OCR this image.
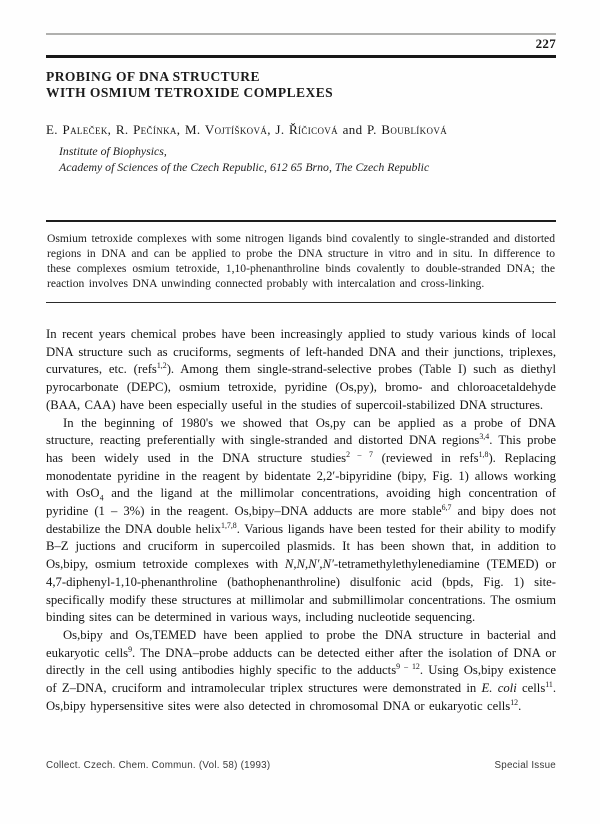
227
PROBING OF DNA STRUCTURE
WITH OSMIUM TETROXIDE COMPLEXES
E. Paleček, R. Pečínka, M. Vojtíšková, J. Říčicová and P. Boublíková
Institute of Biophysics,
Academy of Sciences of the Czech Republic, 612 65 Brno, The Czech Republic
Osmium tetroxide complexes with some nitrogen ligands bind covalently to single-stranded and distorted regions in DNA and can be applied to probe the DNA structure in vitro and in situ. In difference to these complexes osmium tetroxide, 1,10-phenanthroline binds covalently to double-stranded DNA; the reaction involves DNA unwinding connected probably with intercalation and cross-linking.

In recent years chemical probes have been increasingly applied to study various kinds of local DNA structure such as cruciforms, segments of left-handed DNA and their junctions, triplexes, curvatures, etc. (refs$^{1,2}$). Among them single-strand-selective probes (Table I) such as diethyl pyrocarbonate (DEPC), osmium tetroxide, pyridine (Os,py), bromo- and chloroacetaldehyde (BAA, CAA) have been especially useful in the studies of supercoil-stabilized DNA structures.

In the beginning of 1980's we showed that Os,py can be applied as a probe of DNA structure, reacting preferentially with single-stranded and distorted DNA regions$^{3,4}$. This probe has been widely used in the DNA structure studies$^{2 - 7}$ (reviewed in refs$^{1,8}$). Replacing monodentate pyridine in the reagent by bidentate 2,2′-bipyridine (bipy, Fig. 1) allows working with OsO$_4$ and the ligand at the millimolar concentrations, avoiding high concentration of pyridine (1 – 3%) in the reagent. Os,bipy–DNA adducts are more stable$^{6,7}$ and bipy does not destabilize the DNA double helix$^{1,7,8}$. Various ligands have been tested for their ability to modify B–Z juctions and cruciform in supercoiled plasmids. It has been shown that, in addition to Os,bipy, osmium tetroxide complexes with N,N,N′,N′-tetramethylethylenediamine (TEMED) or 4,7-diphenyl-1,10-phenanthroline (bathophenanthroline) disulfonic acid (bpds, Fig. 1) site-specifically modify these structures at millimolar and submillimolar concentrations. The osmium binding sites can be determined in various ways, including nucleotide sequencing.

Os,bipy and Os,TEMED have been applied to probe the DNA structure in bacterial and eukaryotic cells$^9$. The DNA–probe adducts can be detected either after the isolation of DNA or directly in the cell using antibodies highly specific to the adducts$^{9 - 12}$. Using Os,bipy existence of Z–DNA, cruciform and intramolecular triplex structures were demonstrated in E. coli cells$^{11}$. Os,bipy hypersensitive sites were also detected in chromosomal DNA or eukaryotic cells$^{12}$.

Collect. Czech. Chem. Commun. (Vol. 58) (1993)	Special Issue
